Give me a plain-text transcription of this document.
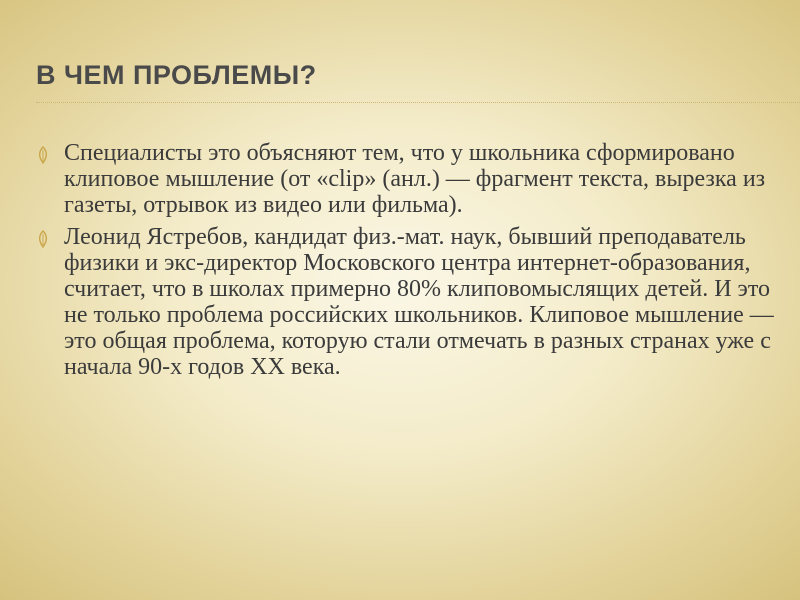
В ЧЕМ ПРОБЛЕМЫ?
Специалисты это объясняют тем, что у школьника сформировано клиповое мышление (от «clip» (анл.) — фрагмент текста, вырезка из газеты, отрывок из видео или фильма).
Леонид Ястребов, кандидат физ.-мат. наук, бывший преподаватель физики и экс-директор Московского центра интернет-образования, считает, что в школах примерно 80% клиповомыслящих детей. И это не только проблема российских школьников. Клиповое мышление — это общая проблема, которую стали отмечать в разных странах уже с начала 90-х годов XX века.
